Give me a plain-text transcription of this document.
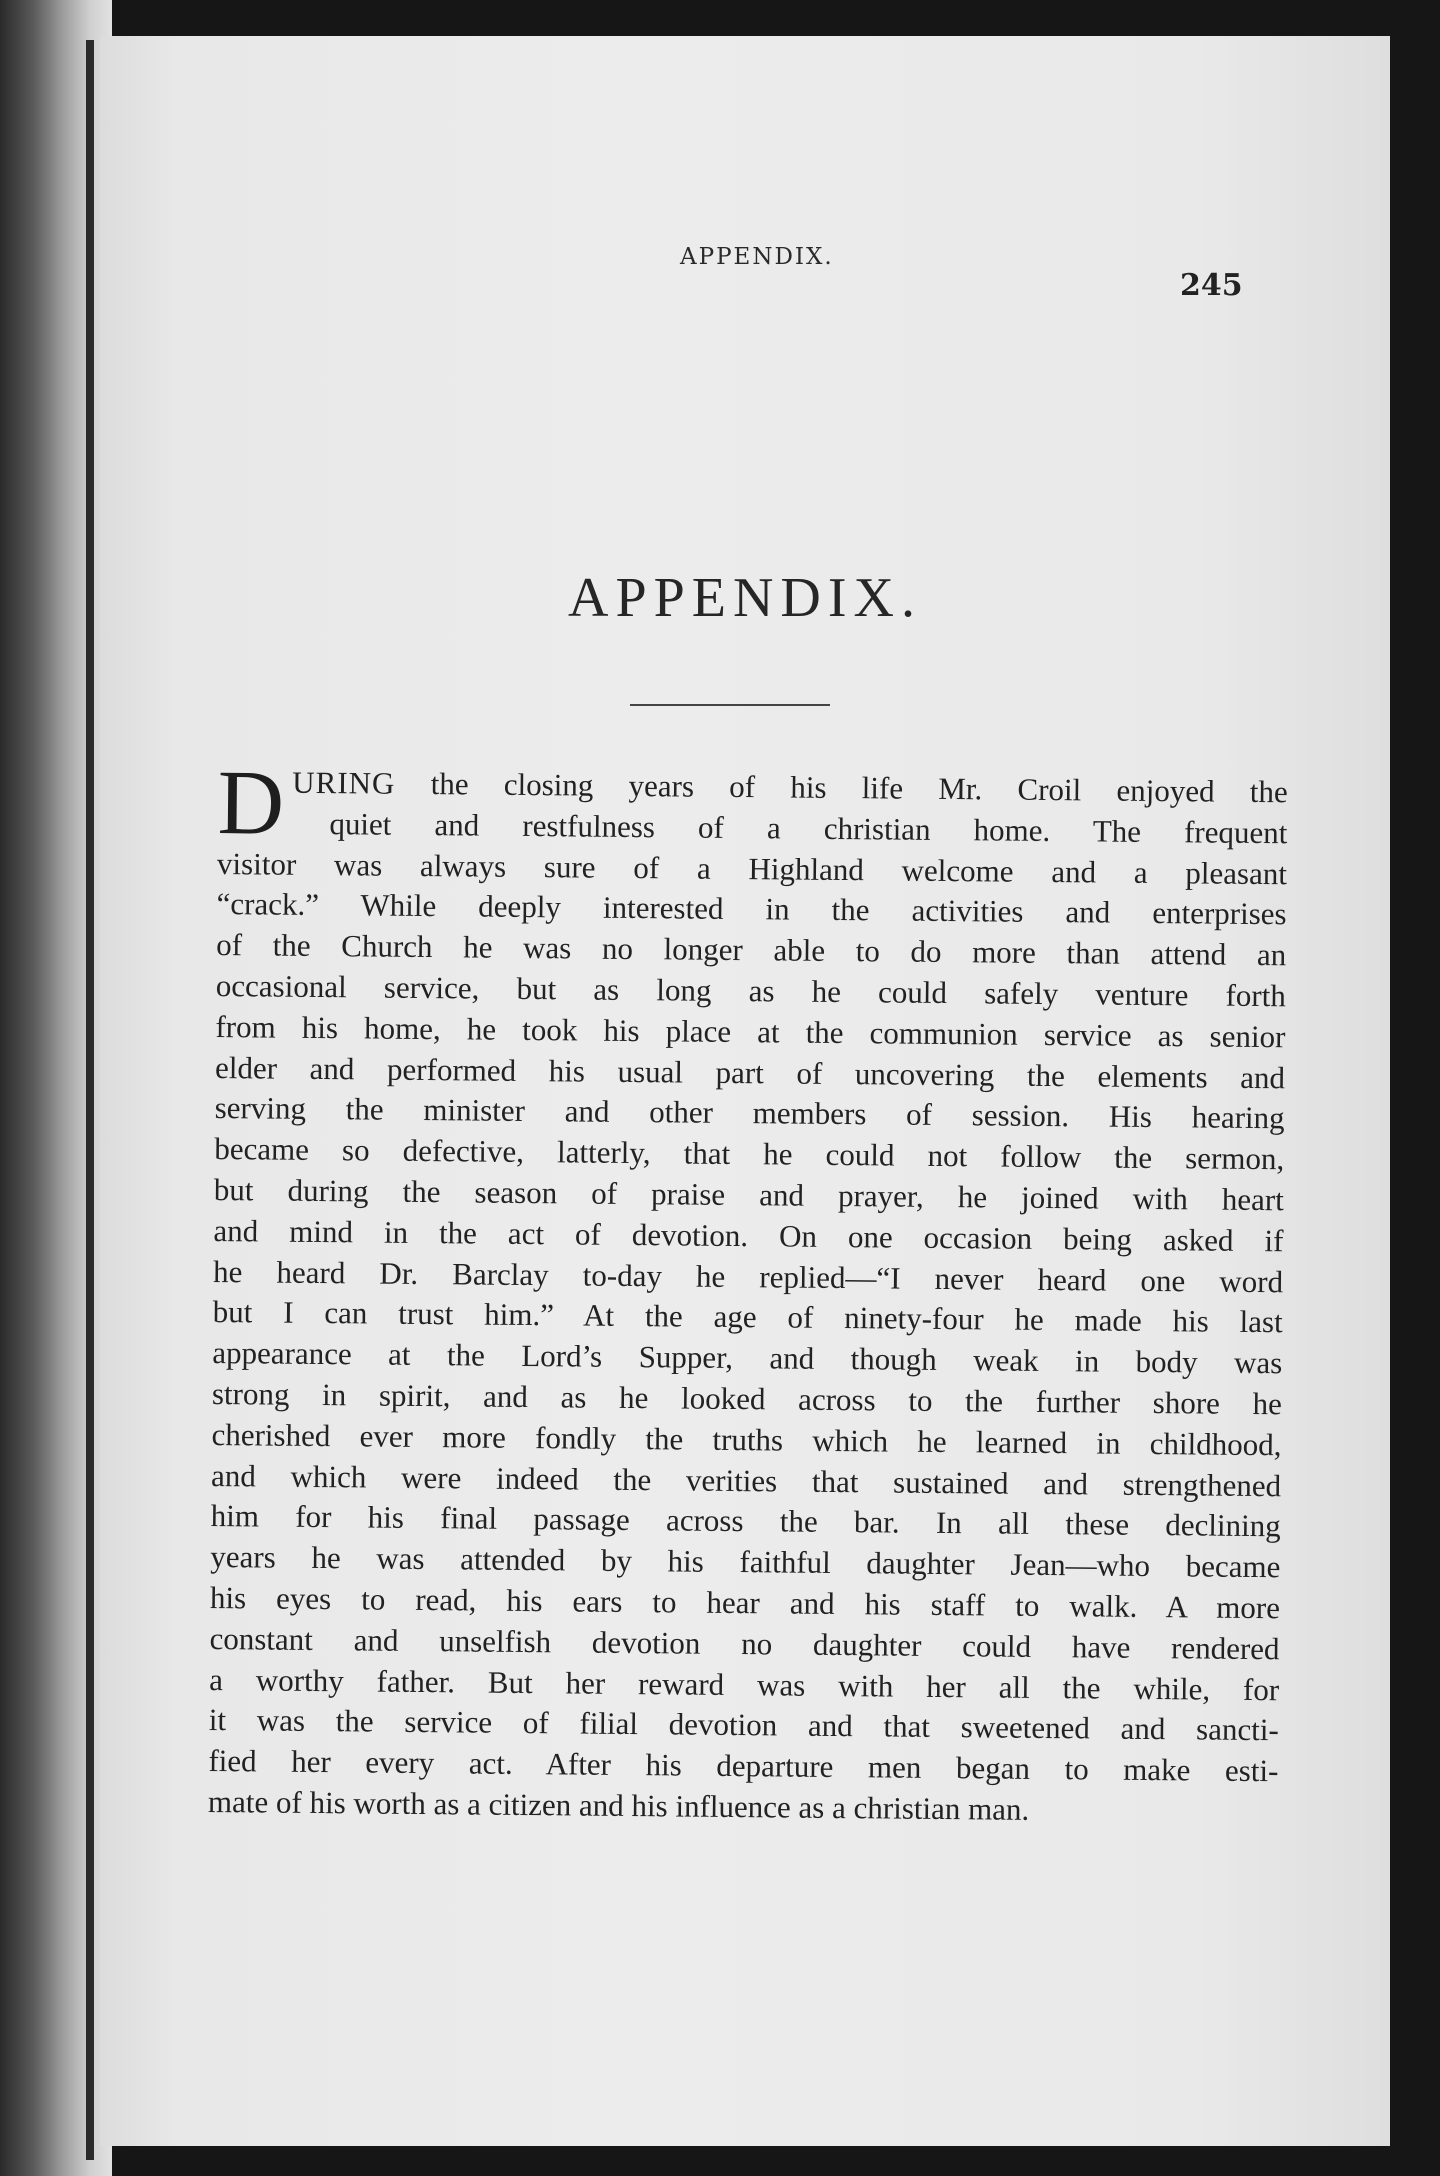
APPENDIX.
245
APPENDIX.
D URING the closing years of his life Mr. Croil enjoyed the
quiet and restfulness of a christian home. The frequent
visitor was always sure of a Highland welcome and a pleasant
“crack.” While deeply interested in the activities and enterprises
of the Church he was no longer able to do more than attend an
occasional service, but as long as he could safely venture forth
from his home, he took his place at the communion service as senior
elder and performed his usual part of uncovering the elements and
serving the minister and other members of session. His hearing
became so defective, latterly, that he could not follow the sermon,
but during the season of praise and prayer, he joined with heart
and mind in the act of devotion. On one occasion being asked if
he heard Dr. Barclay to-day he replied—“I never heard one word
but I can trust him.” At the age of ninety-four he made his last
appearance at the Lord’s Supper, and though weak in body was
strong in spirit, and as he looked across to the further shore he
cherished ever more fondly the truths which he learned in childhood,
and which were indeed the verities that sustained and strengthened
him for his final passage across the bar. In all these declining
years he was attended by his faithful daughter Jean—who became
his eyes to read, his ears to hear and his staff to walk. A more
constant and unselfish devotion no daughter could have rendered
a worthy father. But her reward was with her all the while, for
it was the service of filial devotion and that sweetened and sancti-
fied her every act. After his departure men began to make esti-
mate of his worth as a citizen and his influence as a christian man.
